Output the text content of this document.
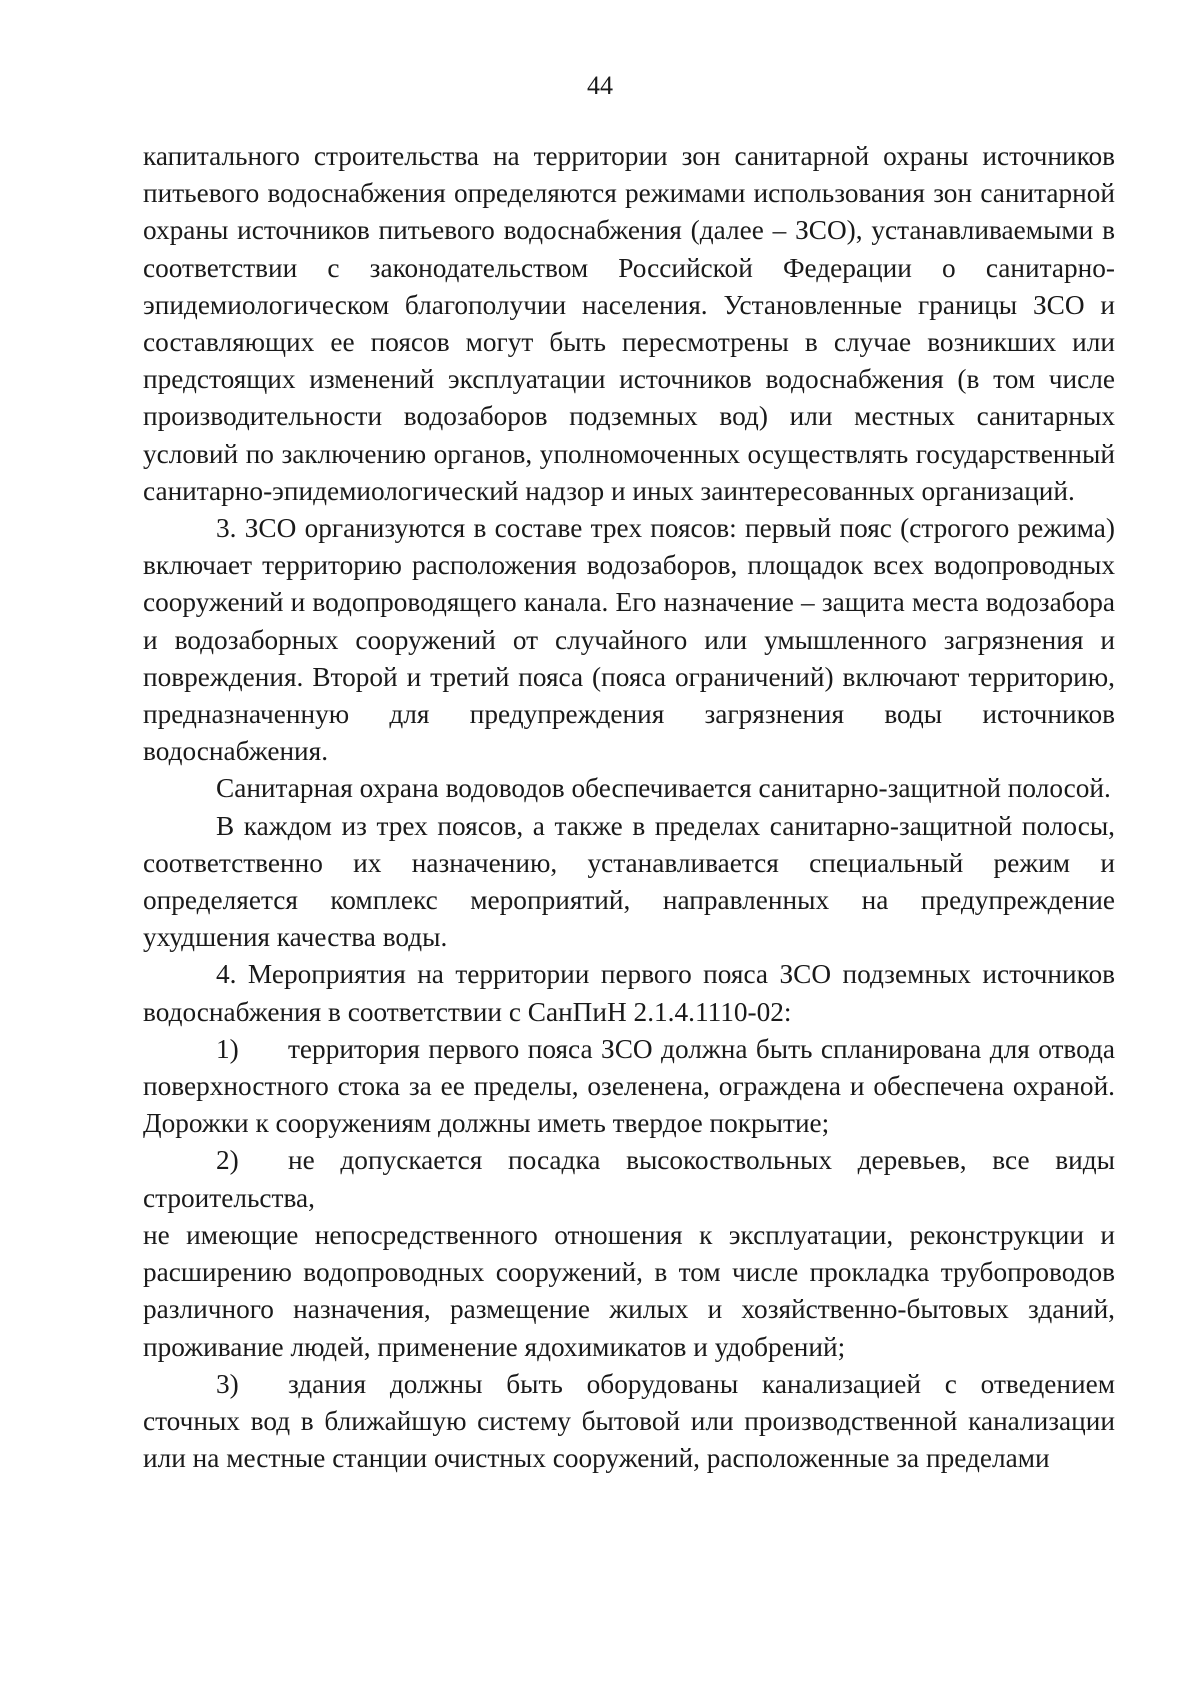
44

капитального строительства на территории зон санитарной охраны источников питьевого водоснабжения определяются режимами использования зон санитарной охраны источников питьевого водоснабжения (далее – ЗСО), устанавливаемыми в соответствии с законодательством Российской Федерации о санитарно-эпидемиологическом благополучии населения. Установленные границы ЗСО и составляющих ее поясов могут быть пересмотрены в случае возникших или предстоящих изменений эксплуатации источников водоснабжения (в том числе производительности водозаборов подземных вод) или местных санитарных условий по заключению органов, уполномоченных осуществлять государственный санитарно-эпидемиологический надзор и иных заинтересованных организаций.

3. ЗСО организуются в составе трех поясов: первый пояс (строгого режима) включает территорию расположения водозаборов, площадок всех водопроводных сооружений и водопроводящего канала. Его назначение – защита места водозабора и водозаборных сооружений от случайного или умышленного загрязнения и повреждения. Второй и третий пояса (пояса ограничений) включают территорию, предназначенную для предупреждения загрязнения воды источников водоснабжения.

Санитарная охрана водоводов обеспечивается санитарно-защитной полосой.

В каждом из трех поясов, а также в пределах санитарно-защитной полосы, соответственно их назначению, устанавливается специальный режим и определяется комплекс мероприятий, направленных на предупреждение ухудшения качества воды.

4. Мероприятия на территории первого пояса ЗСО подземных источников водоснабжения в соответствии с СанПиН 2.1.4.1110-02:

1) территория первого пояса ЗСО должна быть спланирована для отвода поверхностного стока за ее пределы, озеленена, ограждена и обеспечена охраной. Дорожки к сооружениям должны иметь твердое покрытие;

2) не допускается посадка высокоствольных деревьев, все виды строительства,

не имеющие непосредственного отношения к эксплуатации, реконструкции и расширению водопроводных сооружений, в том числе прокладка трубопроводов различного назначения, размещение жилых и хозяйственно-бытовых зданий, проживание людей, применение ядохимикатов и удобрений;

3) здания должны быть оборудованы канализацией с отведением сточных вод в ближайшую систему бытовой или производственной канализации или на местные станции очистных сооружений, расположенные за пределами
